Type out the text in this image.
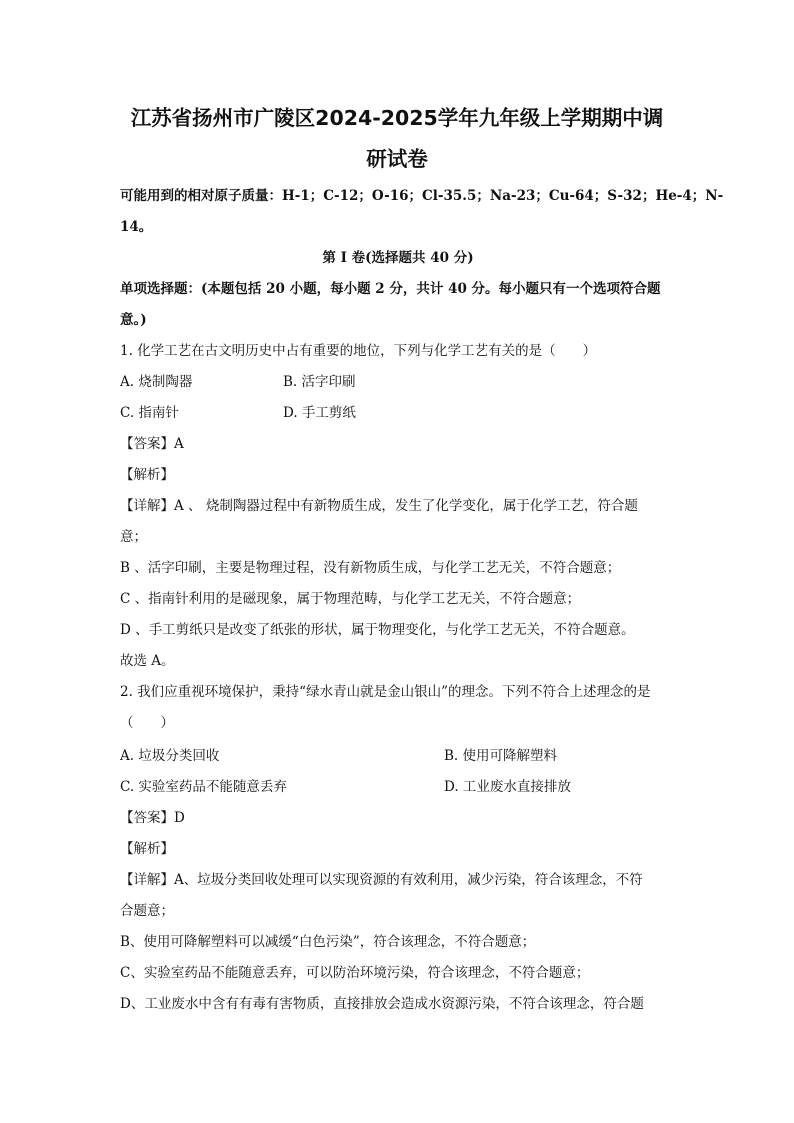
江苏省扬州市广陵区2024-2025学年九年级上学期期中调
研试卷
可能用到的相对原子质量：H-1；C-12；O-16；Cl-35.5；Na-23；Cu-64；S-32；He-4；N-
14。
第 I 卷(选择题共 40 分)
单项选择题：(本题包括 20 小题，每小题 2 分，共计 40 分。每小题只有一个选项符合题
意。)
1. 化学工艺在古文明历史中占有重要的地位，下列与化学工艺有关的是（　　）
A. 烧制陶器	B. 活字印刷
C. 指南针	D. 手工剪纸
【答案】A
【解析】
【详解】A 、 烧制陶器过程中有新物质生成，发生了化学变化，属于化学工艺，符合题
意；
B 、活字印刷，主要是物理过程，没有新物质生成，与化学工艺无关，不符合题意；
C 、指南针利用的是磁现象，属于物理范畴，与化学工艺无关，不符合题意；
D 、手工剪纸只是改变了纸张的形状，属于物理变化，与化学工艺无关，不符合题意。
故选 A。
2. 我们应重视环境保护，秉持“绿水青山就是金山银山”的理念。下列不符合上述理念的是
（　　）
A. 垃圾分类回收	B. 使用可降解塑料
C. 实验室药品不能随意丢弃	D. 工业废水直接排放
【答案】D
【解析】
【详解】A、垃圾分类回收处理可以实现资源的有效利用，减少污染，符合该理念，不符
合题意；
B、使用可降解塑料可以减缓“白色污染”，符合该理念，不符合题意；
C、实验室药品不能随意丢弃，可以防治环境污染，符合该理念，不符合题意；
D、工业废水中含有有毒有害物质，直接排放会造成水资源污染，不符合该理念，符合题
